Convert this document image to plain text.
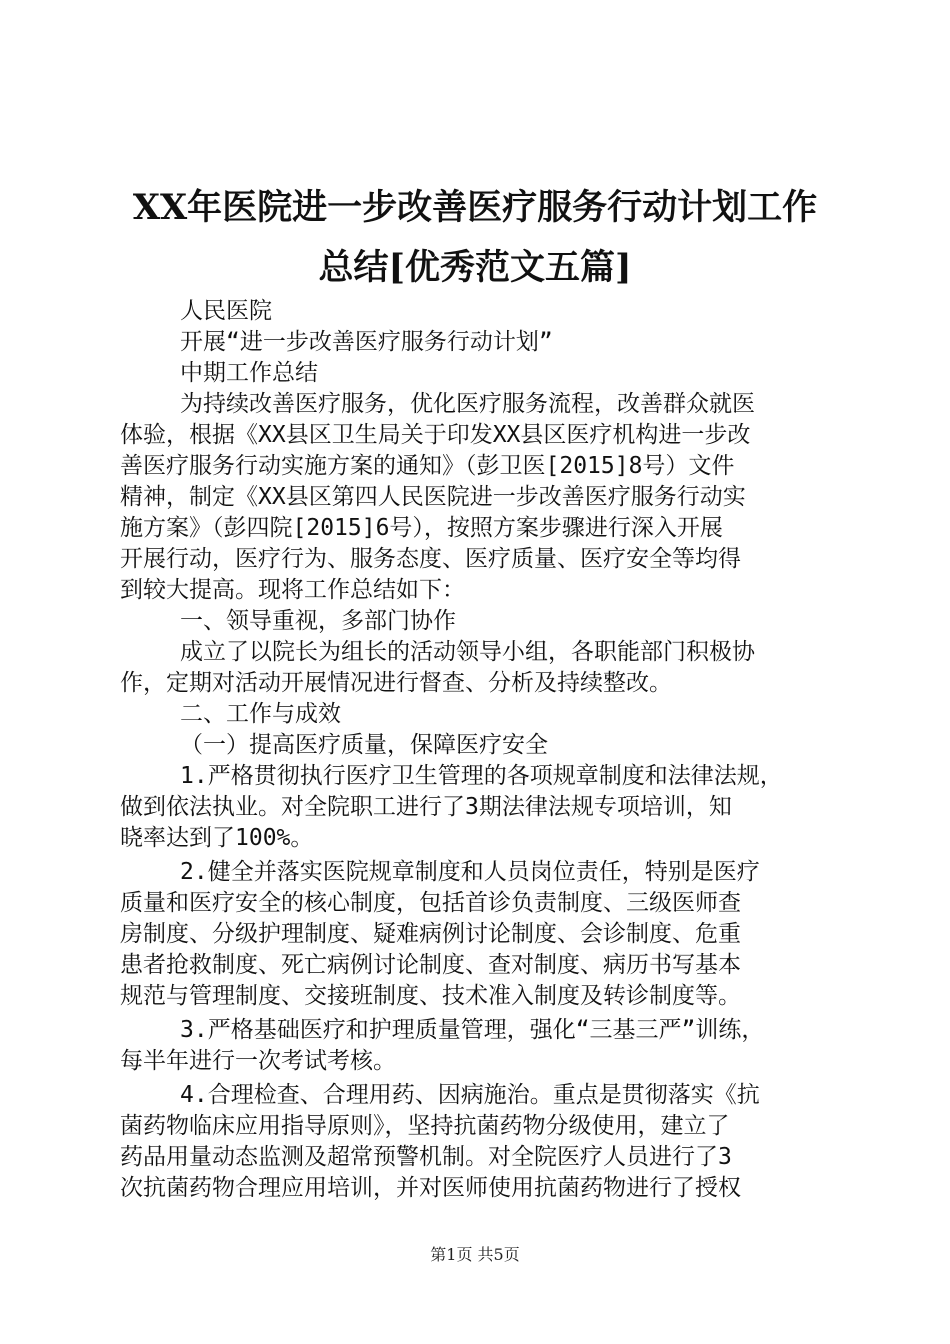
XX年医院进一步改善医疗服务行动计划工作
总结[优秀范文五篇]
人民医院
开展“进一步改善医疗服务行动计划”
中期工作总结
为持续改善医疗服务，优化医疗服务流程，改善群众就医
体验，根据《XX县区卫生局关于印发XX县区医疗机构进一步改
善医疗服务行动实施方案的通知》（彭卫医[2015]8号）文件
精神，制定《XX县区第四人民医院进一步改善医疗服务行动实
施方案》（彭四院[2015]6号），按照方案步骤进行深入开展
开展行动，医疗行为、服务态度、医疗质量、医疗安全等均得
到较大提高。现将工作总结如下：
一、领导重视，多部门协作
成立了以院长为组长的活动领导小组，各职能部门积极协
作，定期对活动开展情况进行督查、分析及持续整改。
二、工作与成效
（一）提高医疗质量，保障医疗安全
1.严格贯彻执行医疗卫生管理的各项规章制度和法律法规，
做到依法执业。对全院职工进行了3期法律法规专项培训，知
晓率达到了100%。
2.健全并落实医院规章制度和人员岗位责任，特别是医疗
质量和医疗安全的核心制度，包括首诊负责制度、三级医师查
房制度、分级护理制度、疑难病例讨论制度、会诊制度、危重
患者抢救制度、死亡病例讨论制度、查对制度、病历书写基本
规范与管理制度、交接班制度、技术准入制度及转诊制度等。
3.严格基础医疗和护理质量管理，强化“三基三严”训练，
每半年进行一次考试考核。
4.合理检查、合理用药、因病施治。重点是贯彻落实《抗
菌药物临床应用指导原则》，坚持抗菌药物分级使用，建立了
药品用量动态监测及超常预警机制。对全院医疗人员进行了3
次抗菌药物合理应用培训，并对医师使用抗菌药物进行了授权
第1页 共5页
